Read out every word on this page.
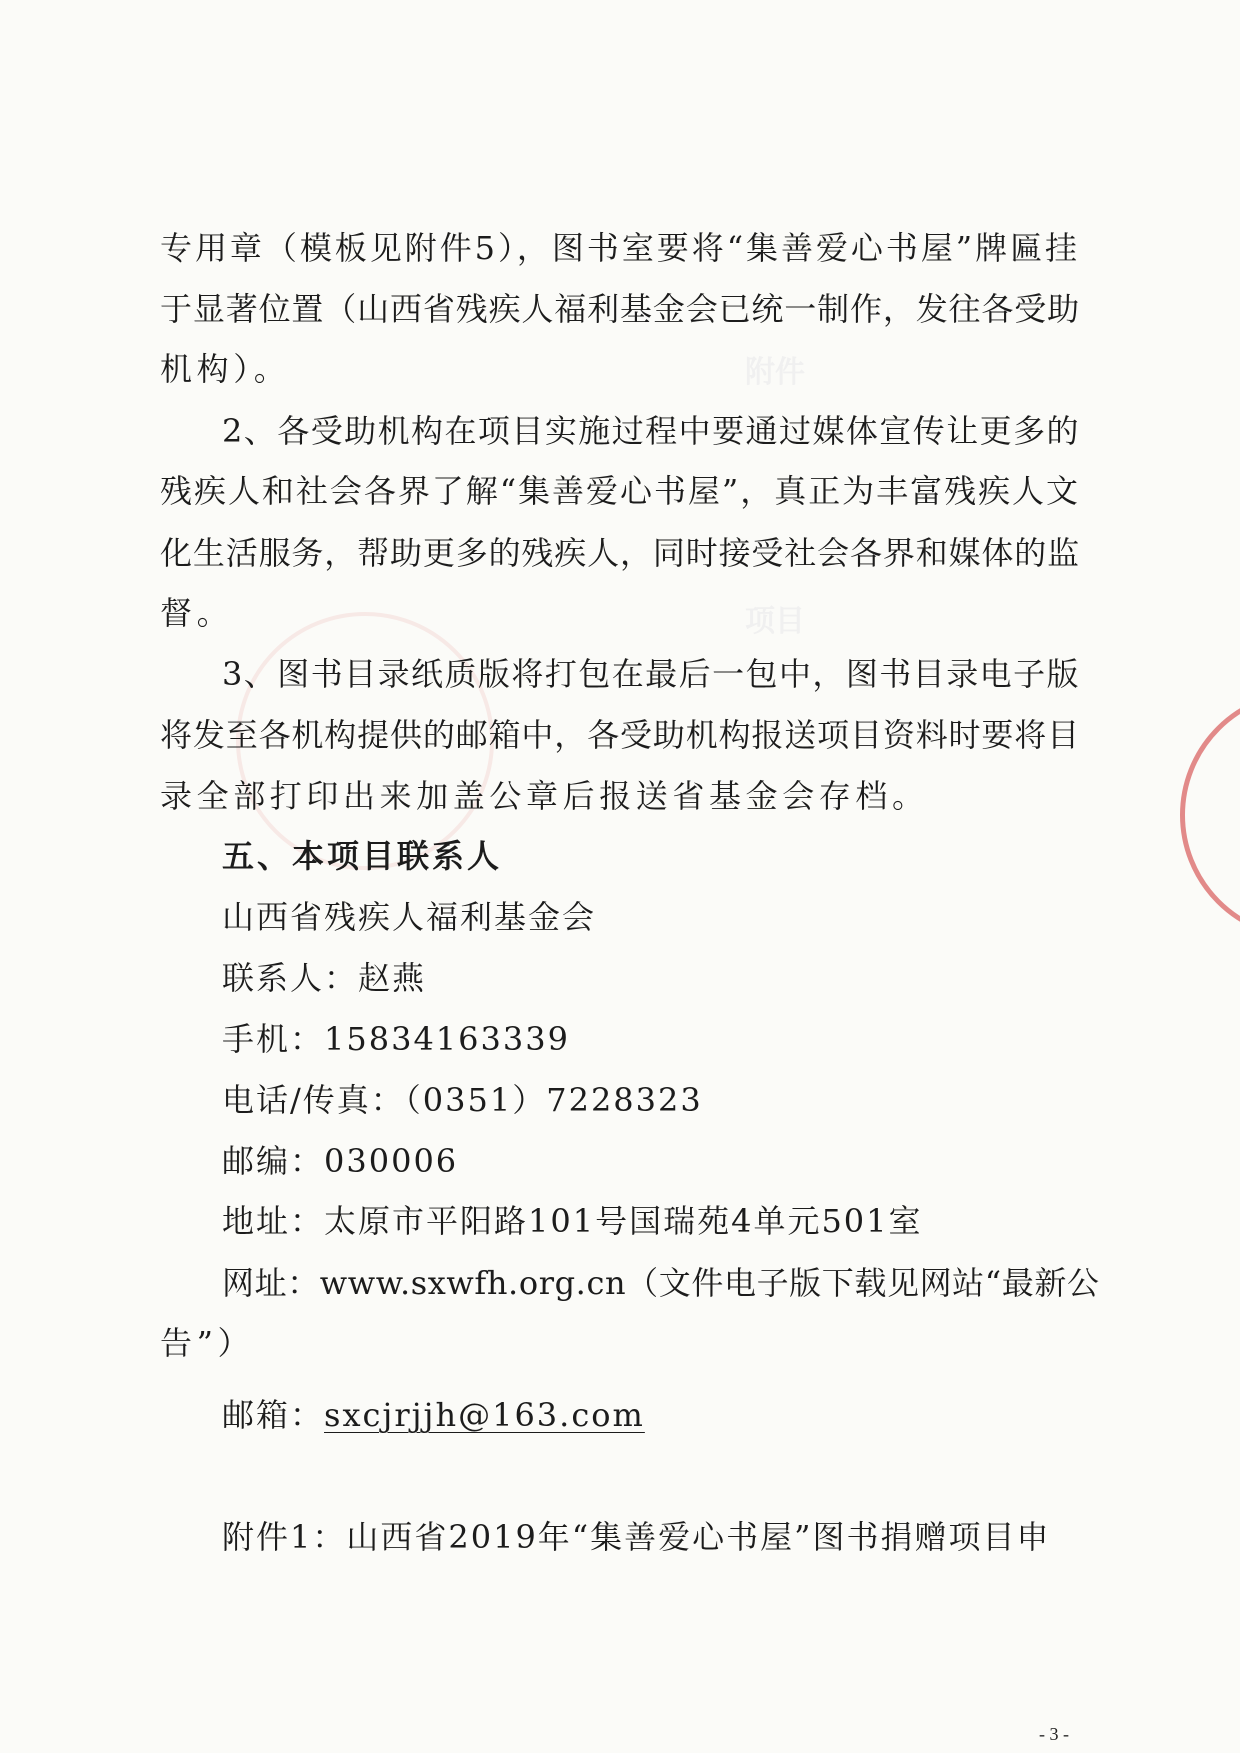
附件
项目
专用章（模板见附件5），图书室要将“集善爱心书屋”牌匾挂
于显著位置（山西省残疾人福利基金会已统一制作，发往各受助
机构）。
2、各受助机构在项目实施过程中要通过媒体宣传让更多的
残疾人和社会各界了解“集善爱心书屋”，真正为丰富残疾人文
化生活服务，帮助更多的残疾人，同时接受社会各界和媒体的监
督。
3、图书目录纸质版将打包在最后一包中，图书目录电子版
将发至各机构提供的邮箱中，各受助机构报送项目资料时要将目
录全部打印出来加盖公章后报送省基金会存档。
五、本项目联系人
山西省残疾人福利基金会
联系人：赵燕
手机：15834163339
电话/传真：（0351）7228323
邮编：030006
地址：太原市平阳路101号国瑞苑4单元501室
网址：www.sxwfh.org.cn（文件电子版下载见网站“最新公
告”）
邮箱：sxcjrjjh@163.com
附件1：山西省2019年“集善爱心书屋”图书捐赠项目申
- 3 -
